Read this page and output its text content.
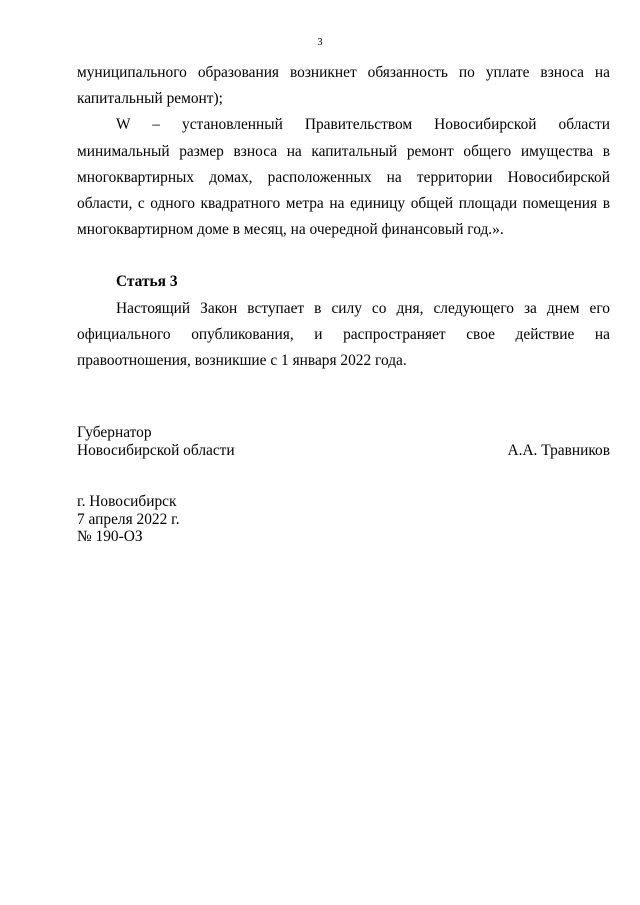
3

муниципального образования возникнет обязанность по уплате взноса на капитальный ремонт);

W – установленный Правительством Новосибирской области минимальный размер взноса на капитальный ремонт общего имущества в многоквартирных домах, расположенных на территории Новосибирской области, с одного квадратного метра на единицу общей площади помещения в многоквартирном доме в месяц, на очередной финансовый год.».

Статья 3

Настоящий Закон вступает в силу со дня, следующего за днем его официального опубликования, и распространяет свое действие на правоотношения, возникшие с 1 января 2022 года.

Губернатор
Новосибирской области	А.А. Травников
г. Новосибирск
7 апреля 2022 г.
№ 190-ОЗ
